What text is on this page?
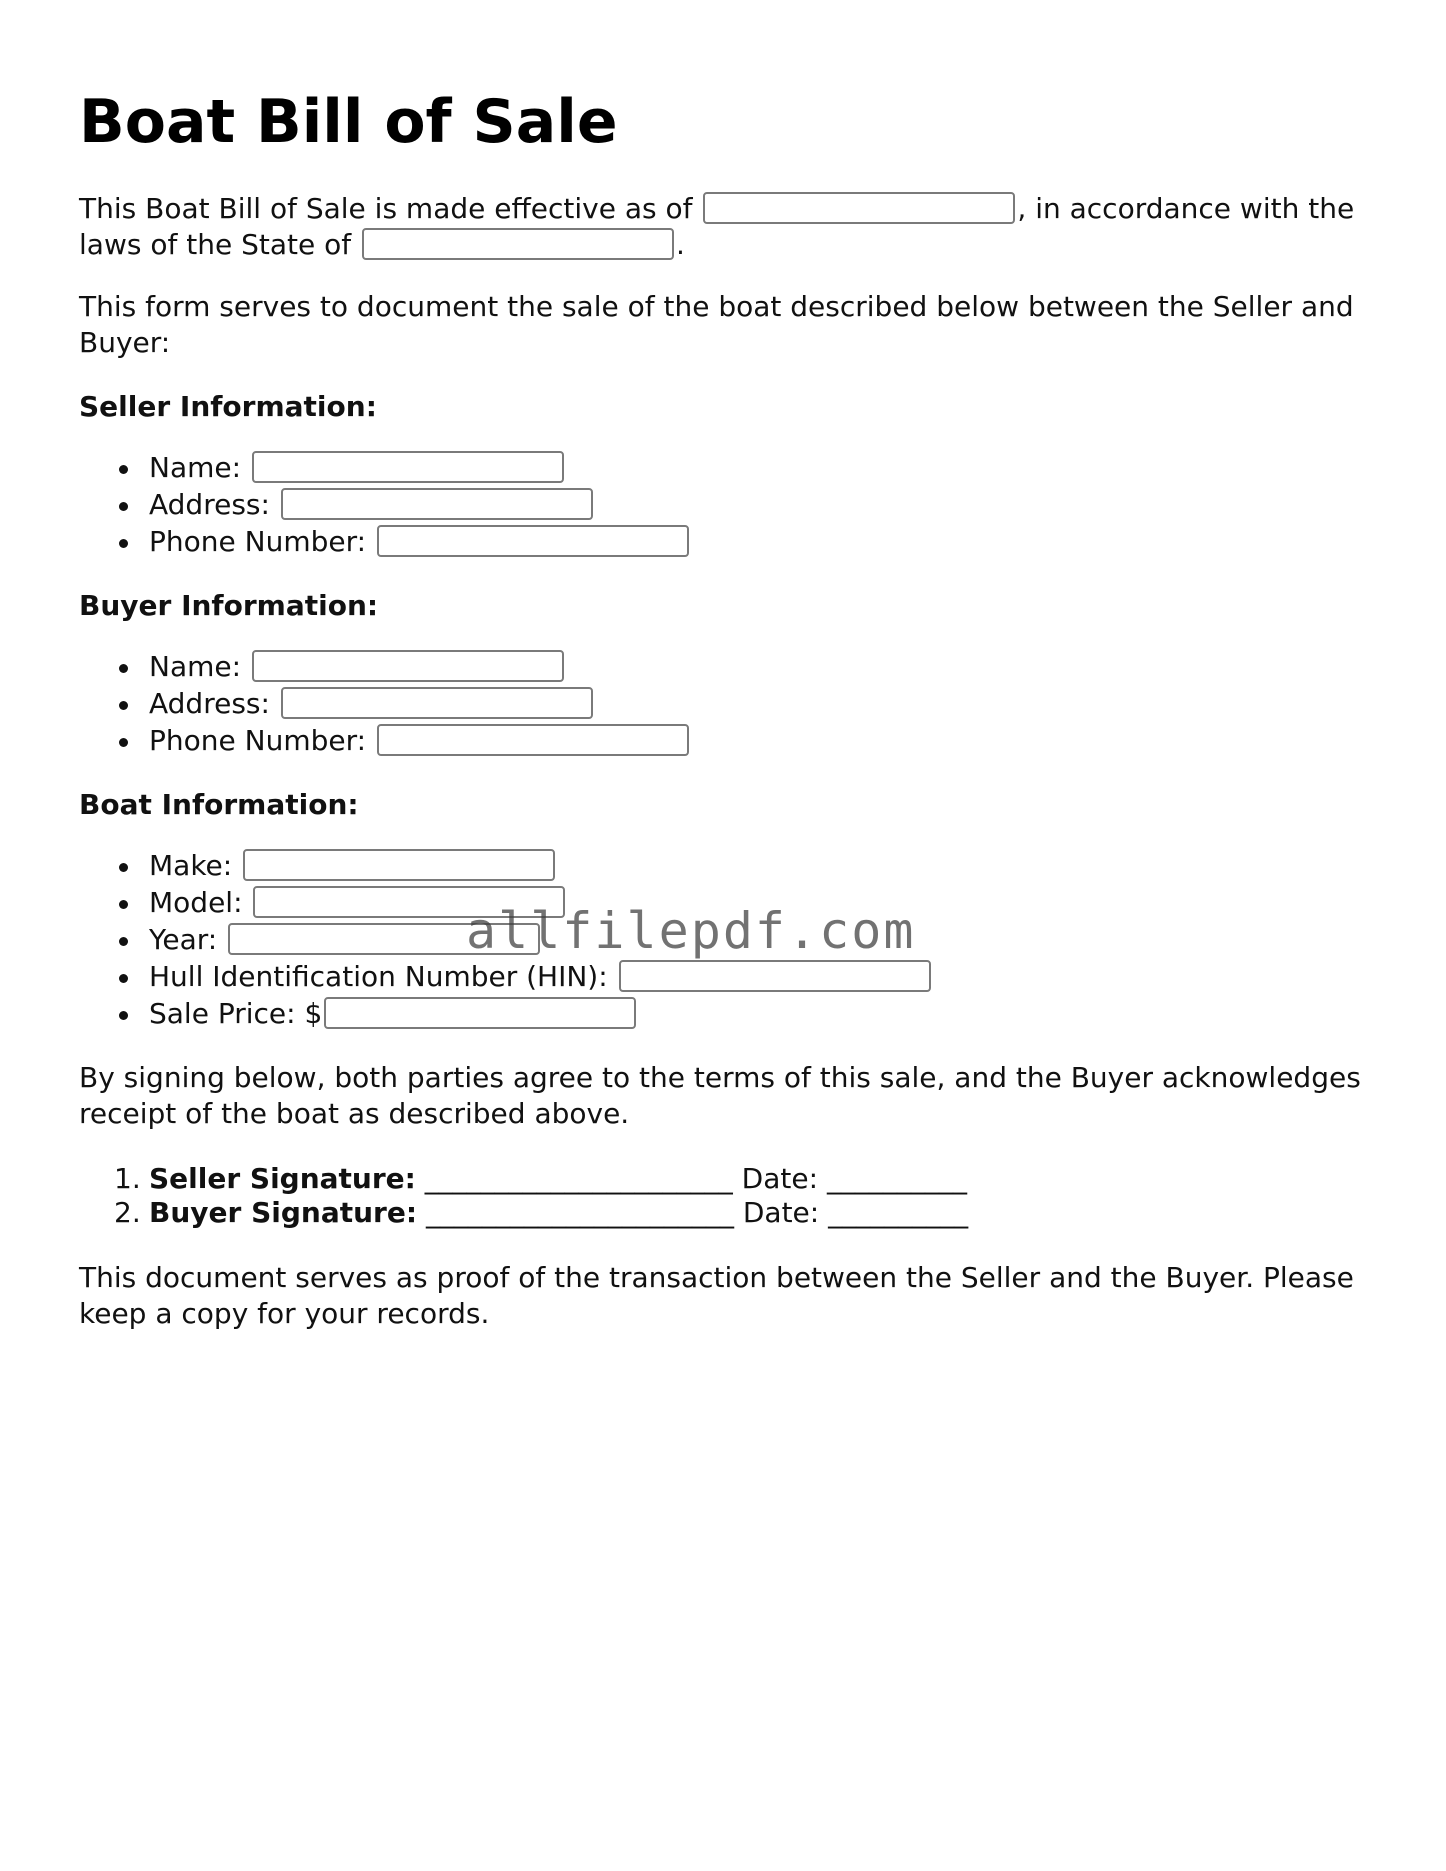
Boat Bill of Sale

This Boat Bill of Sale is made effective as of	, in accordance with the laws of the State of	.

This form serves to document the sale of the boat described below between the Seller and Buyer:

Seller Information:
Name:
Address:
Phone Number:
Buyer Information:
Name:
Address:
Phone Number:
Boat Information:
Make:
Model:
Year:
Hull Identification Number (HIN):
Sale Price: $

By signing below, both parties agree to the terms of this sale, and the Buyer acknowledges receipt of the boat as described above.

1. Seller Signature: ______________________ Date: __________
2. Buyer Signature: ______________________ Date: __________

This document serves as proof of the transaction between the Seller and the Buyer. Please keep a copy for your records.

allfilepdf.com
